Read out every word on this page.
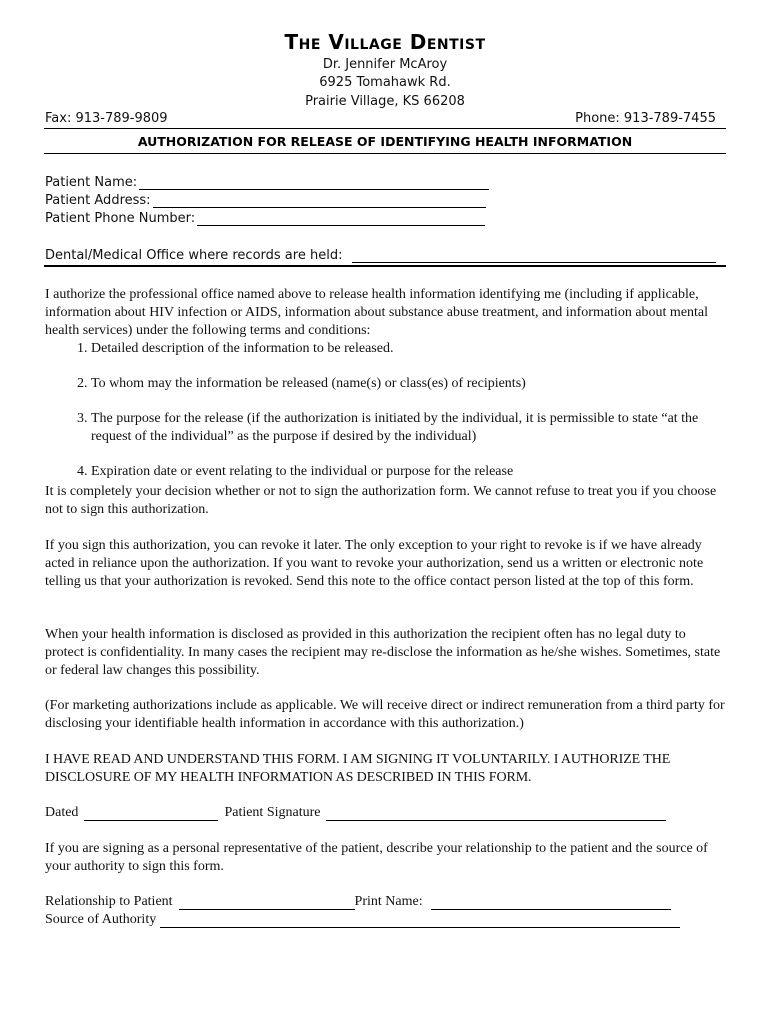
The Village Dentist
Dr. Jennifer McAroy
6925 Tomahawk Rd.
Prairie Village, KS 66208
Fax: 913-789-9809	Phone: 913-789-7455
AUTHORIZATION FOR RELEASE OF IDENTIFYING HEALTH INFORMATION
Patient Name:
Patient Address:
Patient Phone Number:
Dental/Medical Office where records are held:

I authorize the professional office named above to release health information identifying me (including if applicable, information about HIV infection or AIDS, information about substance abuse treatment, and information about mental health services) under the following terms and conditions:

1. Detailed description of the information to be released.
2. To whom may the information be released (name(s) or class(es) of recipients)
3. The purpose for the release (if the authorization is initiated by the individual, it is permissible to state “at the request of the individual” as the purpose if desired by the individual)
4. Expiration date or event relating to the individual or purpose for the release

It is completely your decision whether or not to sign the authorization form. We cannot refuse to treat you if you choose not to sign this authorization.

If you sign this authorization, you can revoke it later. The only exception to your right to revoke is if we have already acted in reliance upon the authorization. If you want to revoke your authorization, send us a written or electronic note telling us that your authorization is revoked. Send this note to the office contact person listed at the top of this form.

When your health information is disclosed as provided in this authorization the recipient often has no legal duty to protect is confidentiality. In many cases the recipient may re-disclose the information as he/she wishes. Sometimes, state or federal law changes this possibility.

(For marketing authorizations include as applicable. We will receive direct or indirect remuneration from a third party for disclosing your identifiable health information in accordance with this authorization.)

I HAVE READ AND UNDERSTAND THIS FORM. I AM SIGNING IT VOLUNTARILY. I AUTHORIZE THE DISCLOSURE OF MY HEALTH INFORMATION AS DESCRIBED IN THIS FORM.

Dated	Patient Signature

If you are signing as a personal representative of the patient, describe your relationship to the patient and the source of your authority to sign this form.

Relationship to Patient	Print Name:
Source of Authority
